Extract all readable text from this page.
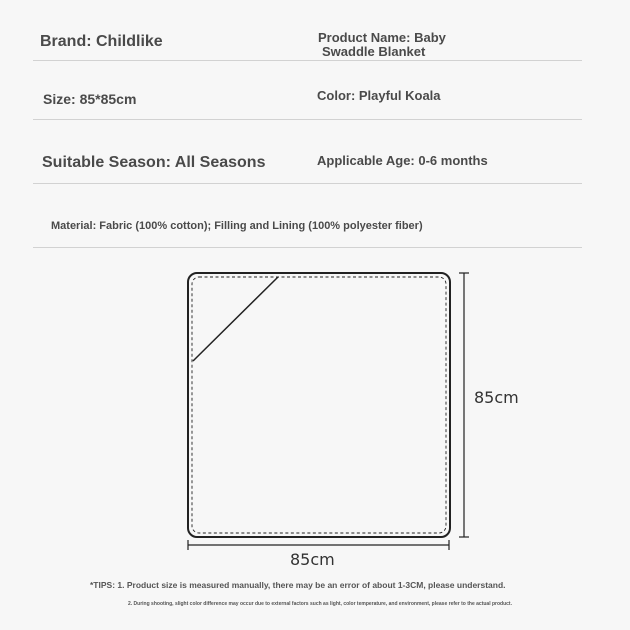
Brand: Childlike	Product Name: Baby
Swaddle Blanket
Size: 85*85cm	Color: Playful Koala
Suitable Season: All Seasons	Applicable Age: 0-6 months
Material: Fabric (100% cotton); Filling and Lining (100% polyester fiber)
85cm
85cm
*TIPS: 1. Product size is measured manually, there may be an error of about 1-3CM, please understand.
2. During shooting, slight color difference may occur due to external factors such as light, color temperature, and environment, please refer to the actual product.
